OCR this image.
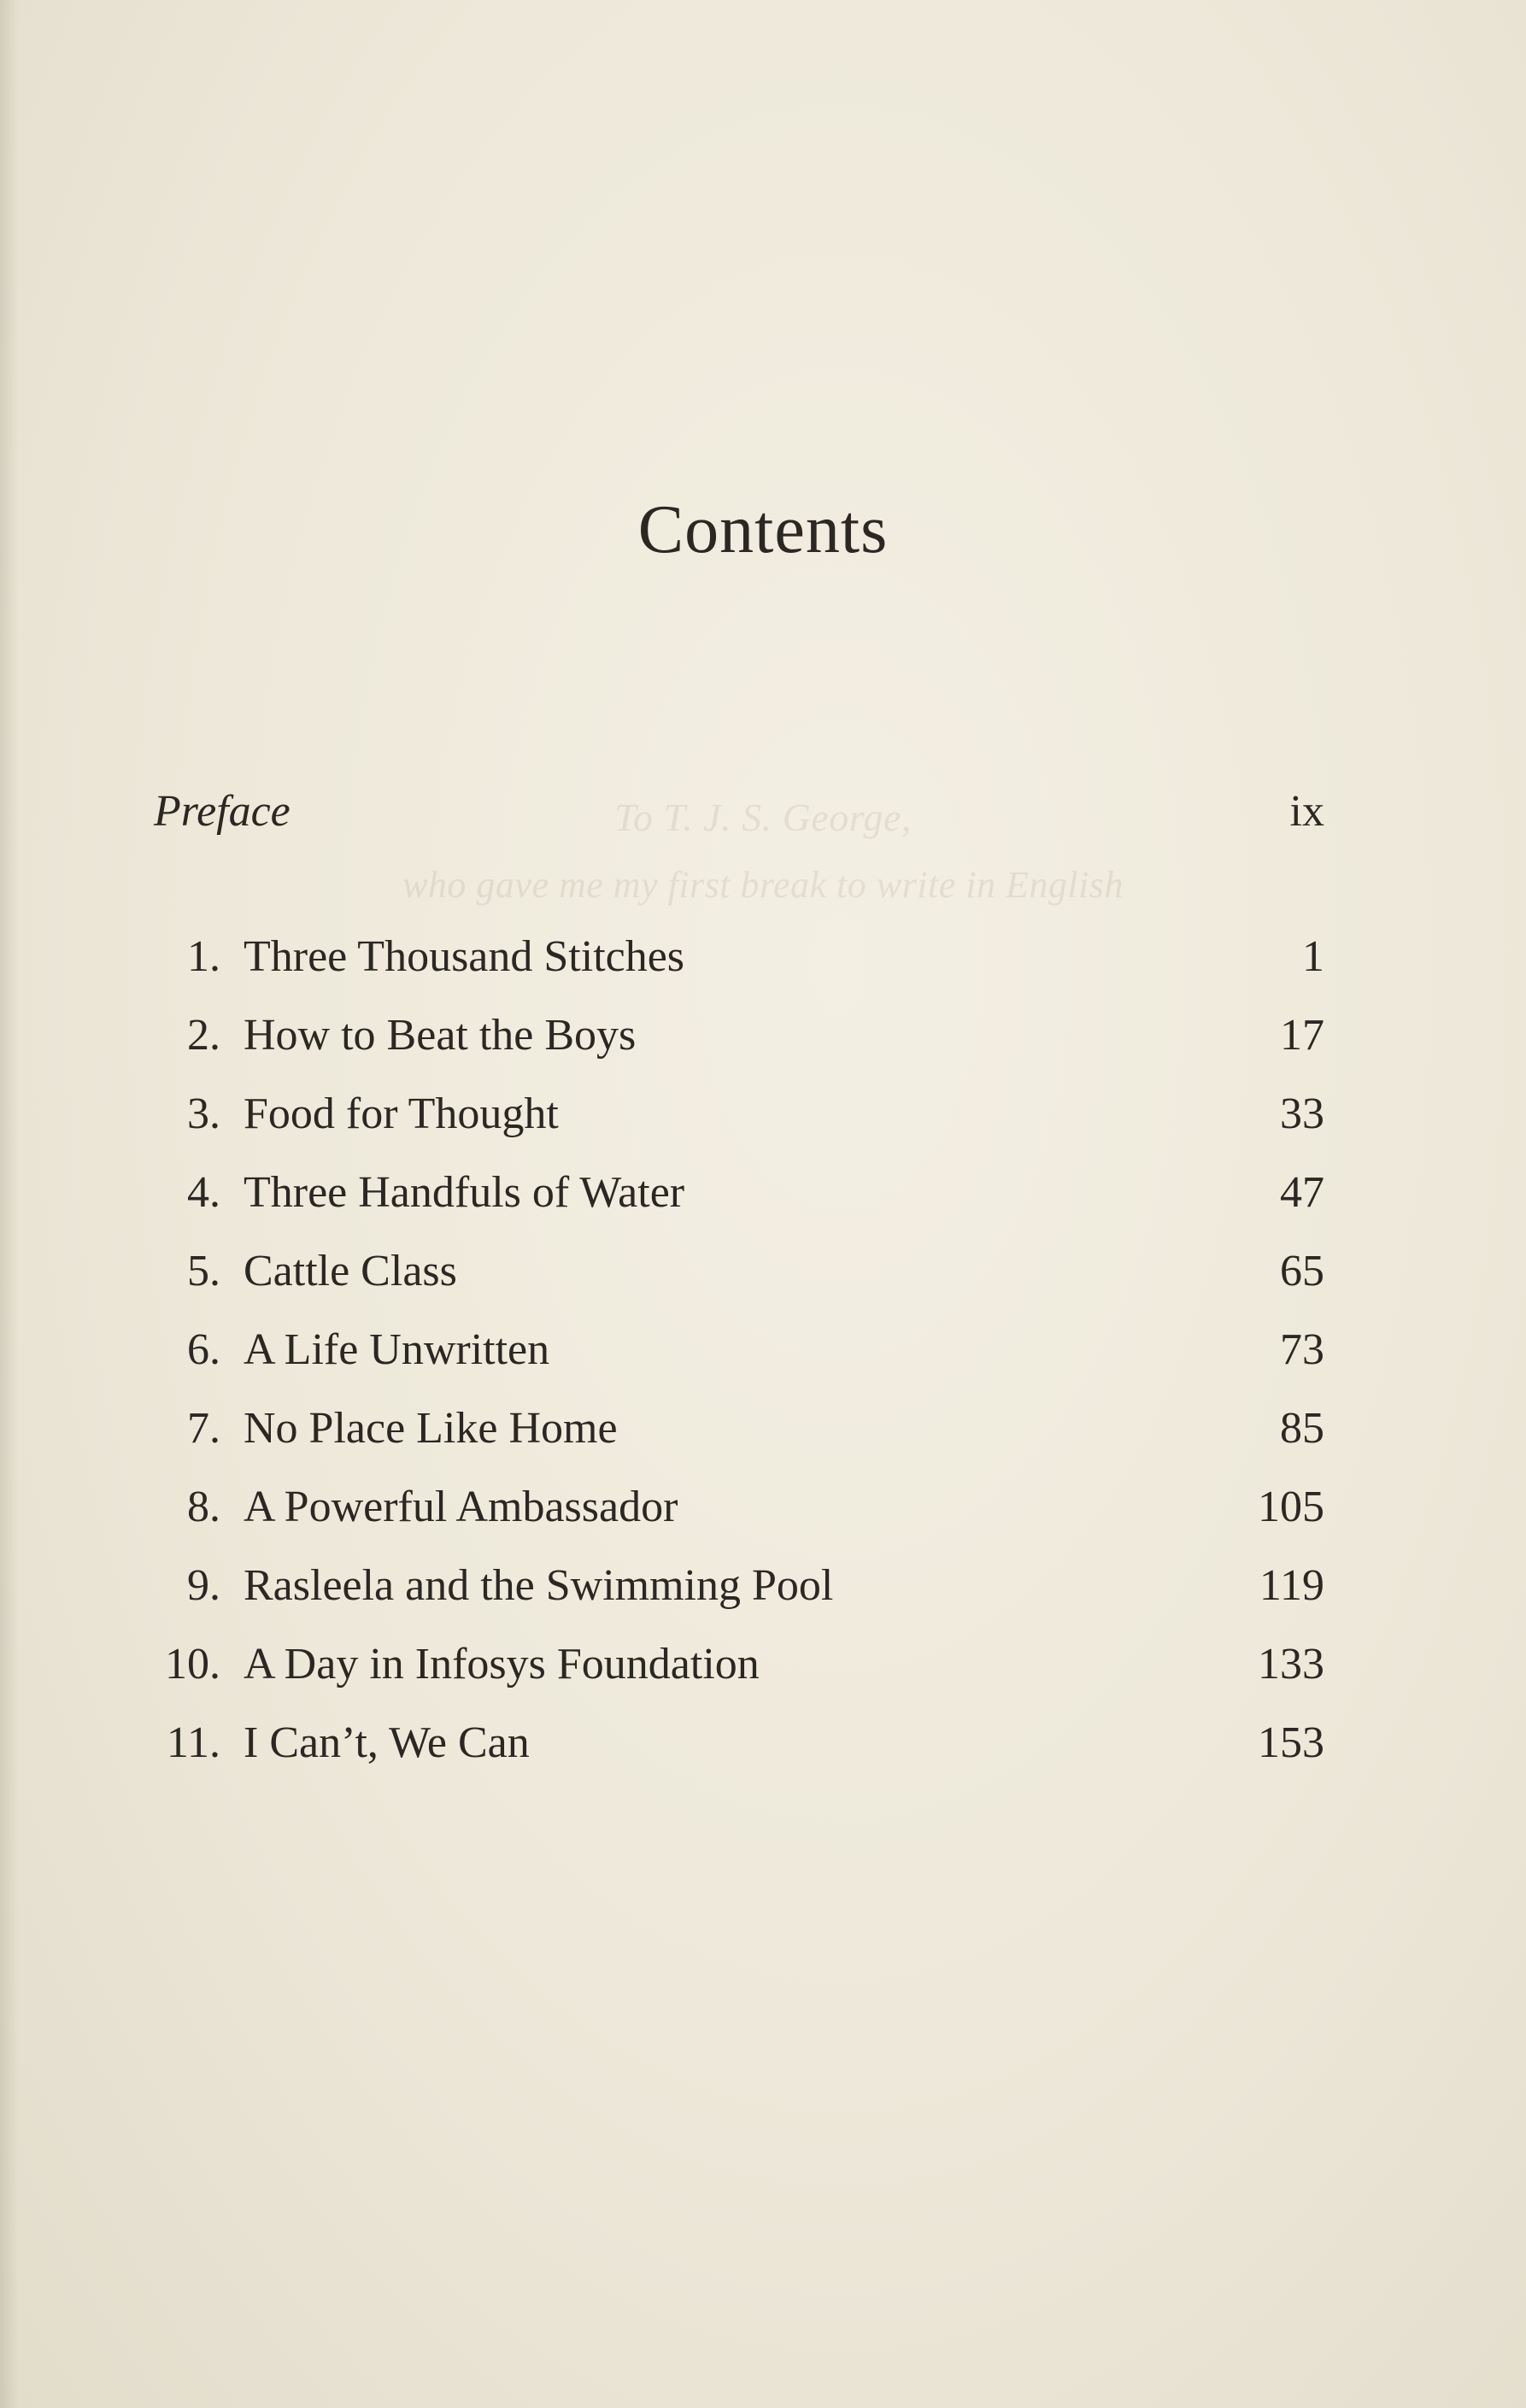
To T. J. S. George,
who gave me my first break to write in English
Contents
Preface	ix
1. Three Thousand Stitches	1
2. How to Beat the Boys	17
3. Food for Thought	33
4. Three Handfuls of Water	47
5. Cattle Class	65
6. A Life Unwritten	73
7. No Place Like Home	85
8. A Powerful Ambassador	105
9. Rasleela and the Swimming Pool	119
10. A Day in Infosys Foundation	133
11. I Can’t, We Can	153
